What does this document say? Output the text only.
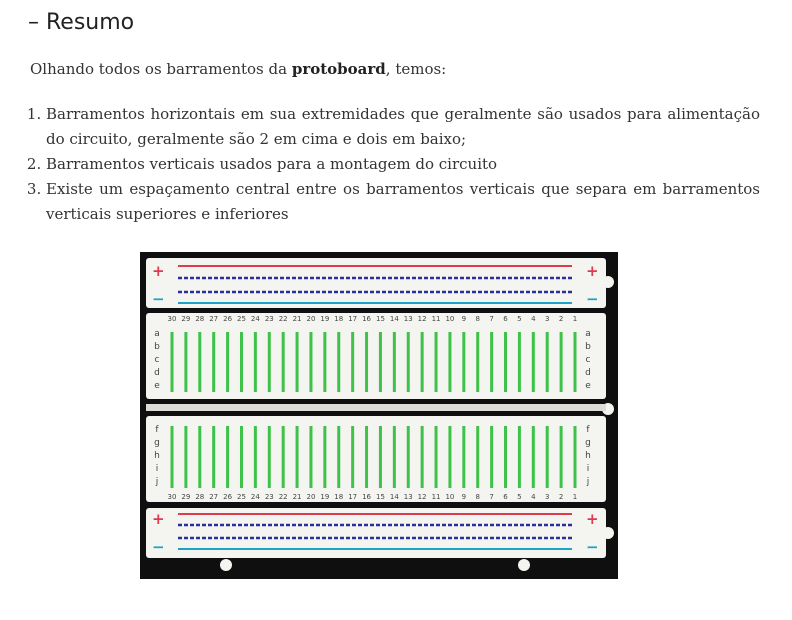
– Resumo
Olhando todos os barramentos da protoboard, temos:
1. Barramentos horizontais em sua extremidades que geralmente são usados para alimentação do circuito, geralmente são 2 em cima e dois em baixo;
2. Barramentos verticais usados para a montagem do circuito
3. Existe um espaçamento central entre os barramentos verticais que separa em barramentos verticais superiores e inferiores
+	+
−	−
+	+
−	−
30
30
29
29
28
28
27
27
26
26
25
25
24
24
23
23
22
22
21
21
20
20
19
19
18
18
17
17
16
16
15
15
14
14
13
13
12
12
11
11
10
10
9
9
8
8
7
7
6
6
5
5
4
4
3
3
2
2
1
1
a	a
b	b
c	c
d	d
e	e
f	f
g	g
h	h
i	i
j	j
